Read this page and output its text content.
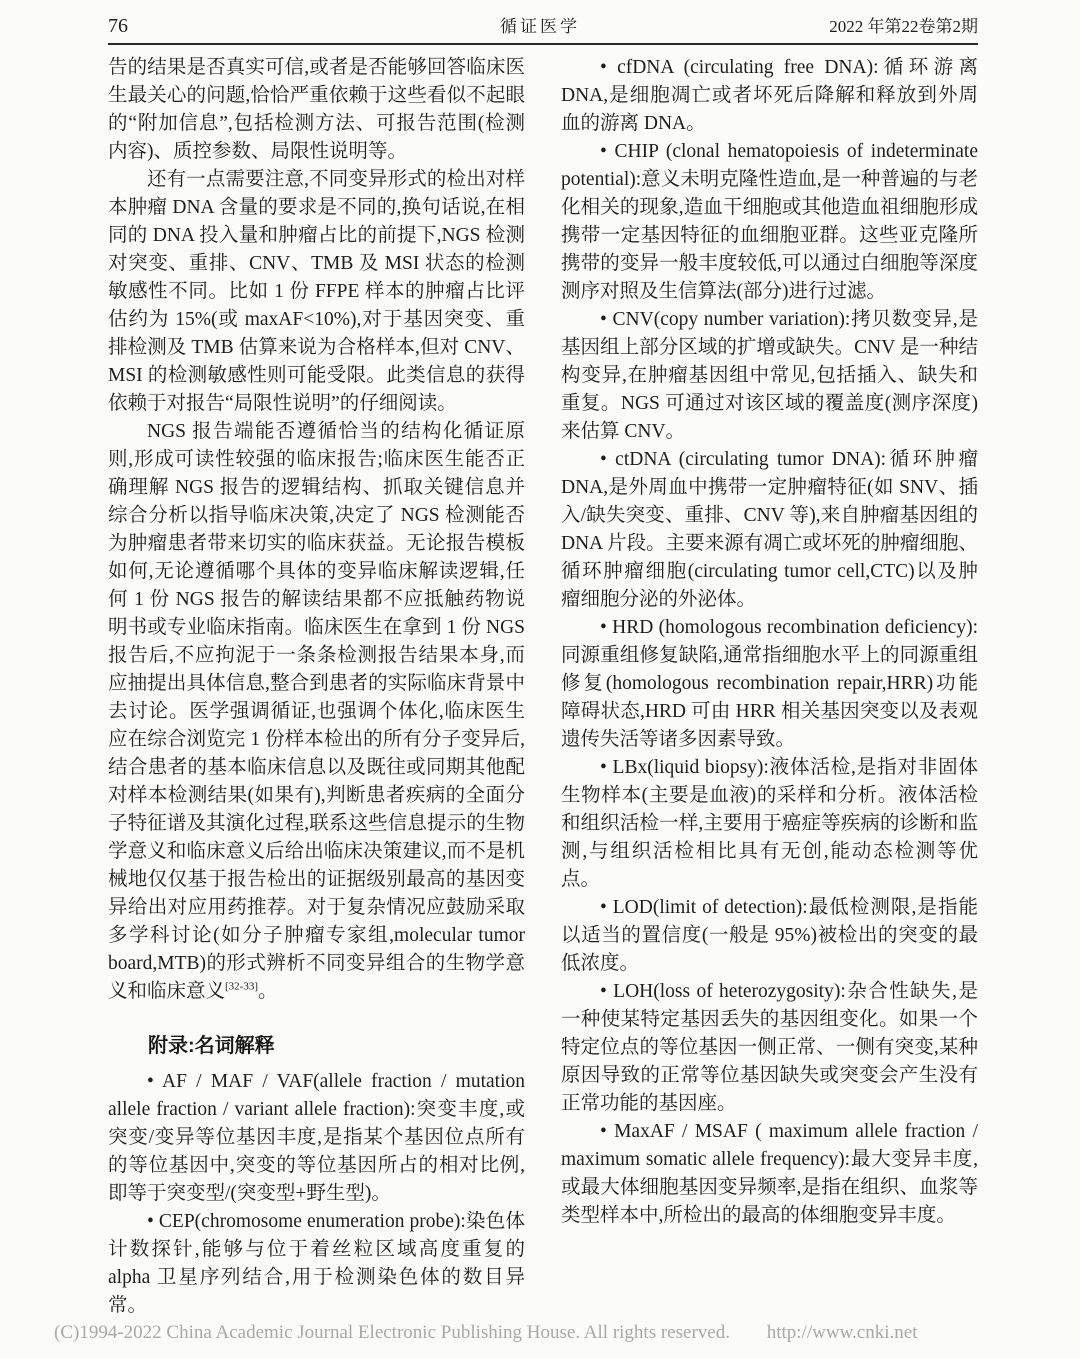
76	循证医学	2022 年第22卷第2期

告的结果是否真实可信,或者是否能够回答临床医生最关心的问题,恰恰严重依赖于这些看似不起眼的“附加信息”,包括检测方法、可报告范围(检测内容)、质控参数、局限性说明等。

还有一点需要注意,不同变异形式的检出对样本肿瘤 DNA 含量的要求是不同的,换句话说,在相同的 DNA 投入量和肿瘤占比的前提下,NGS 检测对突变、重排、CNV、TMB 及 MSI 状态的检测敏感性不同。比如 1 份 FFPE 样本的肿瘤占比评估约为 15%(或 maxAF<10%),对于基因突变、重排检测及 TMB 估算来说为合格样本,但对 CNV、MSI 的检测敏感性则可能受限。此类信息的获得依赖于对报告“局限性说明”的仔细阅读。

NGS 报告端能否遵循恰当的结构化循证原则,形成可读性较强的临床报告;临床医生能否正确理解 NGS 报告的逻辑结构、抓取关键信息并综合分析以指导临床决策,决定了 NGS 检测能否为肿瘤患者带来切实的临床获益。无论报告模板如何,无论遵循哪个具体的变异临床解读逻辑,任何 1 份 NGS 报告的解读结果都不应抵触药物说明书或专业临床指南。临床医生在拿到 1 份 NGS 报告后,不应拘泥于一条条检测报告结果本身,而应抽提出具体信息,整合到患者的实际临床背景中去讨论。医学强调循证,也强调个体化,临床医生应在综合浏览完 1 份样本检出的所有分子变异后,结合患者的基本临床信息以及既往或同期其他配对样本检测结果(如果有),判断患者疾病的全面分子特征谱及其演化过程,联系这些信息提示的生物学意义和临床意义后给出临床决策建议,而不是机械地仅仅基于报告检出的证据级别最高的基因变异给出对应用药推荐。对于复杂情况应鼓励采取多学科讨论(如分子肿瘤专家组,molecular tumor board,MTB)的形式辨析不同变异组合的生物学意义和临床意义[32-33]。

附录:名词解释

• AF / MAF / VAF(allele fraction / mutation allele fraction / variant allele fraction):突变丰度,或突变/变异等位基因丰度,是指某个基因位点所有的等位基因中,突变的等位基因所占的相对比例,即等于突变型/(突变型+野生型)。

• CEP(chromosome enumeration probe):染色体计数探针,能够与位于着丝粒区域高度重复的 alpha 卫星序列结合,用于检测染色体的数目异常。

• cfDNA (circulating free DNA):循环游离 DNA,是细胞凋亡或者坏死后降解和释放到外周血的游离 DNA。

• CHIP (clonal hematopoiesis of indeterminate potential):意义未明克隆性造血,是一种普遍的与老化相关的现象,造血干细胞或其他造血祖细胞形成携带一定基因特征的血细胞亚群。这些亚克隆所携带的变异一般丰度较低,可以通过白细胞等深度测序对照及生信算法(部分)进行过滤。

• CNV(copy number variation):拷贝数变异,是基因组上部分区域的扩增或缺失。CNV 是一种结构变异,在肿瘤基因组中常见,包括插入、缺失和重复。NGS 可通过对该区域的覆盖度(测序深度)来估算 CNV。

• ctDNA (circulating tumor DNA):循环肿瘤 DNA,是外周血中携带一定肿瘤特征(如 SNV、插入/缺失突变、重排、CNV 等),来自肿瘤基因组的 DNA 片段。主要来源有凋亡或坏死的肿瘤细胞、循环肿瘤细胞(circulating tumor cell,CTC)以及肿瘤细胞分泌的外泌体。

• HRD (homologous recombination deficiency):同源重组修复缺陷,通常指细胞水平上的同源重组修复(homologous recombination repair,HRR)功能障碍状态,HRD 可由 HRR 相关基因突变以及表观遗传失活等诸多因素导致。

• LBx(liquid biopsy):液体活检,是指对非固体生物样本(主要是血液)的采样和分析。液体活检和组织活检一样,主要用于癌症等疾病的诊断和监测,与组织活检相比具有无创,能动态检测等优点。

• LOD(limit of detection):最低检测限,是指能以适当的置信度(一般是 95%)被检出的突变的最低浓度。

• LOH(loss of heterozygosity):杂合性缺失,是一种使某特定基因丢失的基因组变化。如果一个特定位点的等位基因一侧正常、一侧有突变,某种原因导致的正常等位基因缺失或突变会产生没有正常功能的基因座。

• MaxAF / MSAF ( maximum allele fraction / maximum somatic allele frequency):最大变异丰度,或最大体细胞基因变异频率,是指在组织、血浆等类型样本中,所检出的最高的体细胞变异丰度。

(C)1994-2022 China Academic Journal Electronic Publishing House. All rights reserved. http://www.cnki.net
